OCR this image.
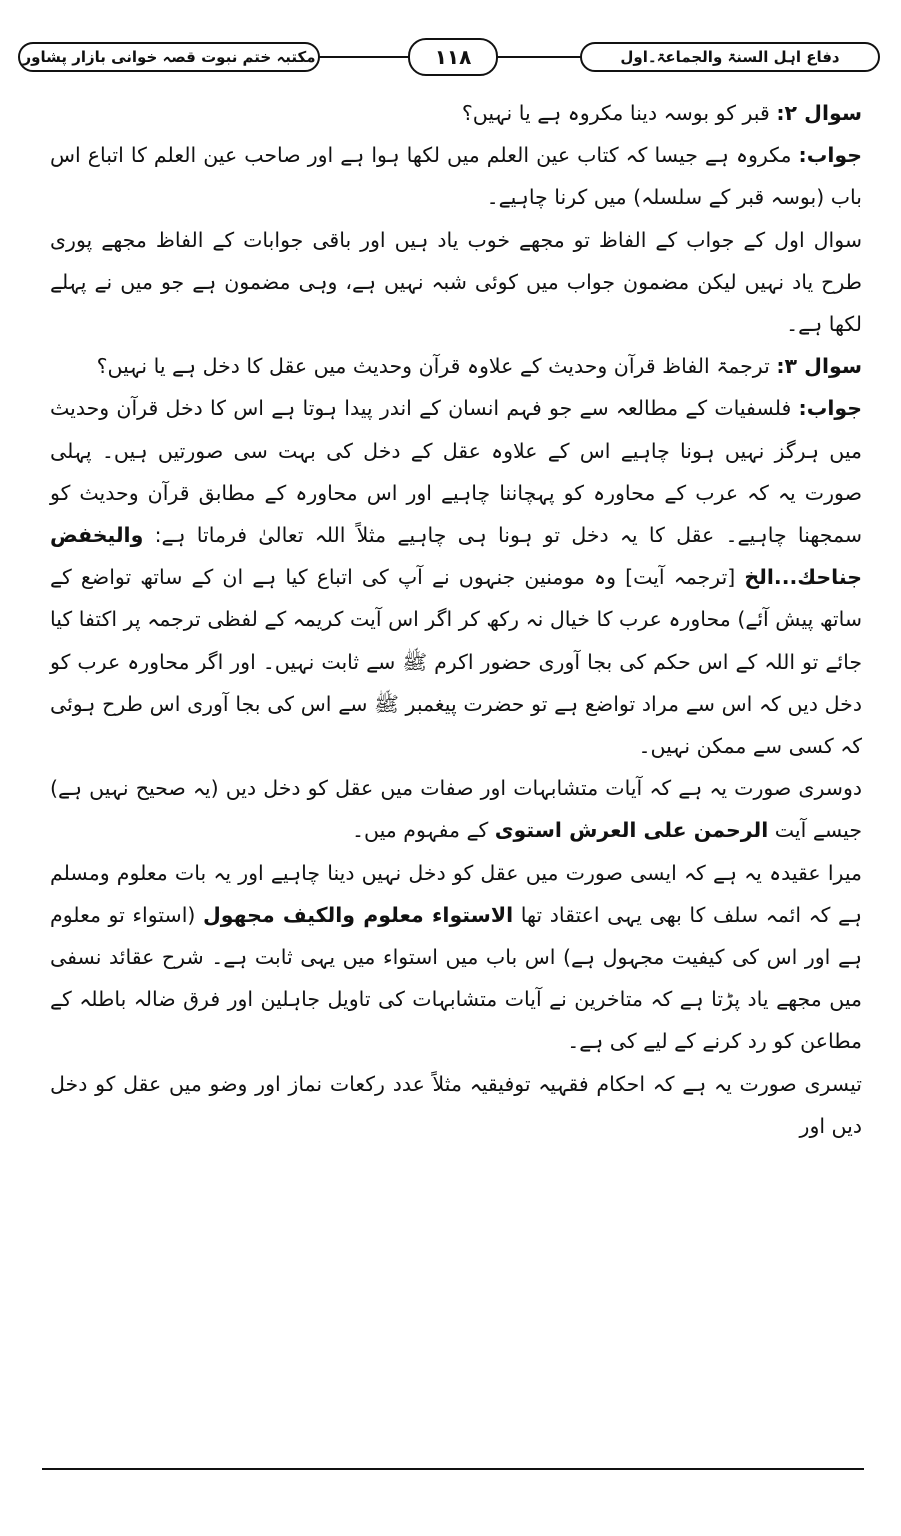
مکتبہ ختم نبوت قصہ خوانی بازار پشاور	۱۱۸	دفاع اہل السنۃ والجماعۃ۔اول

سوال ۲: قبر کو بوسہ دینا مکروہ ہے یا نہیں؟

جواب: مکروہ ہے جیسا کہ کتاب عین العلم میں لکھا ہوا ہے اور صاحب عین العلم کا اتباع اس باب (بوسہ قبر کے سلسلہ) میں کرنا چاہیے۔

سوال اول کے جواب کے الفاظ تو مجھے خوب یاد ہیں اور باقی جوابات کے الفاظ مجھے پوری طرح یاد نہیں لیکن مضمون جواب میں کوئی شبہ نہیں ہے، وہی مضمون ہے جو میں نے پہلے لکھا ہے۔

سوال ۳: ترجمۃ الفاظ قرآن وحدیث کے علاوہ قرآن وحدیث میں عقل کا دخل ہے یا نہیں؟

جواب: فلسفیات کے مطالعہ سے جو فہم انسان کے اندر پیدا ہوتا ہے اس کا دخل قرآن وحدیث میں ہرگز نہیں ہونا چاہیے اس کے علاوہ عقل کے دخل کی بہت سی صورتیں ہیں۔ پہلی صورت یہ کہ عرب کے محاورہ کو پہچاننا چاہیے اور اس محاورہ کے مطابق قرآن وحدیث کو سمجھنا چاہیے۔ عقل کا یہ دخل تو ہونا ہی چاہیے مثلاً اللہ تعالیٰ فرماتا ہے: واليخفض جناحك...الخ [ترجمہ آیت] وہ مومنین جنہوں نے آپ کی اتباع کیا ہے ان کے ساتھ تواضع کے ساتھ پیش آئے) محاورہ عرب کا خیال نہ رکھ کر اگر اس آیت کریمہ کے لفظی ترجمہ پر اکتفا کیا جائے تو اللہ کے اس حکم کی بجا آوری حضور اکرم ﷺ سے ثابت نہیں۔ اور اگر محاورہ عرب کو دخل دیں کہ اس سے مراد تواضع ہے تو حضرت پیغمبر ﷺ سے اس کی بجا آوری اس طرح ہوئی کہ کسی سے ممکن نہیں۔

دوسری صورت یہ ہے کہ آیات متشابہات اور صفات میں عقل کو دخل دیں (یہ صحیح نہیں ہے) جیسے آیت الرحمن علی العرش استوی کے مفہوم میں۔

میرا عقیدہ یہ ہے کہ ایسی صورت میں عقل کو دخل نہیں دینا چاہیے اور یہ بات معلوم ومسلم ہے کہ ائمہ سلف کا بھی یہی اعتقاد تھا الاستواء معلوم والکیف مجهول (استواء تو معلوم ہے اور اس کی کیفیت مجہول ہے) اس باب میں استواء میں یہی ثابت ہے۔ شرح عقائد نسفی میں مجھے یاد پڑتا ہے کہ متاخرین نے آیات متشابہات کی تاویل جاہلین اور فرق ضالہ باطلہ کے مطاعن کو رد کرنے کے لیے کی ہے۔

تیسری صورت یہ ہے کہ احکام فقہیہ توفیقیہ مثلاً عدد رکعات نماز اور وضو میں عقل کو دخل دیں اور
